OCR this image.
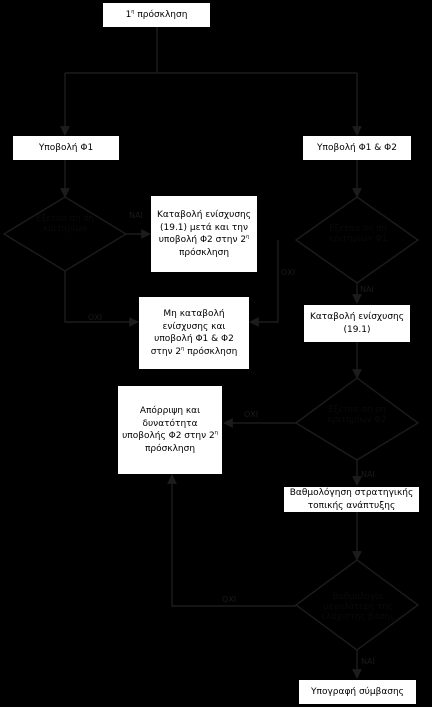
$1^\eta$ πρόσκληση
Υποβολή Φ1	Υποβολή Φ1 & Φ2
Καταβολή ενίσχυσης (19.1) μετά και την υποβολή Φ2 στην $2^\eta$ πρόσκληση
Μη καταβολή ενίσχυσης και υποβολή Φ1 & Φ2 στην $2^\eta$ πρόσκληση
Καταβολή ενίσχυσης (19.1)
Απόρριψη και δυνατότητα υποβολής Φ2 στην $2^\eta$ πρόσκληση
Βαθμολόγηση στρατηγικής τοπικής ανάπτυξης
Υπογραφή σύμβασης
Εξέτασ ση ση κριτηρίων	Εξέτασ ση ση κριτηρίων Φ1
Εξέτασ ση ση κριτηρίων Φ2
Βαθμολογία μεγαλύτερη της ελάχιστης βάσης
ΝΑΙ
ΟΧΙ
ΟΧΙ
ΝΑΙ
ΟΧΙ
ΝΑΙ
ΟΧΙ
ΝΑΙ
